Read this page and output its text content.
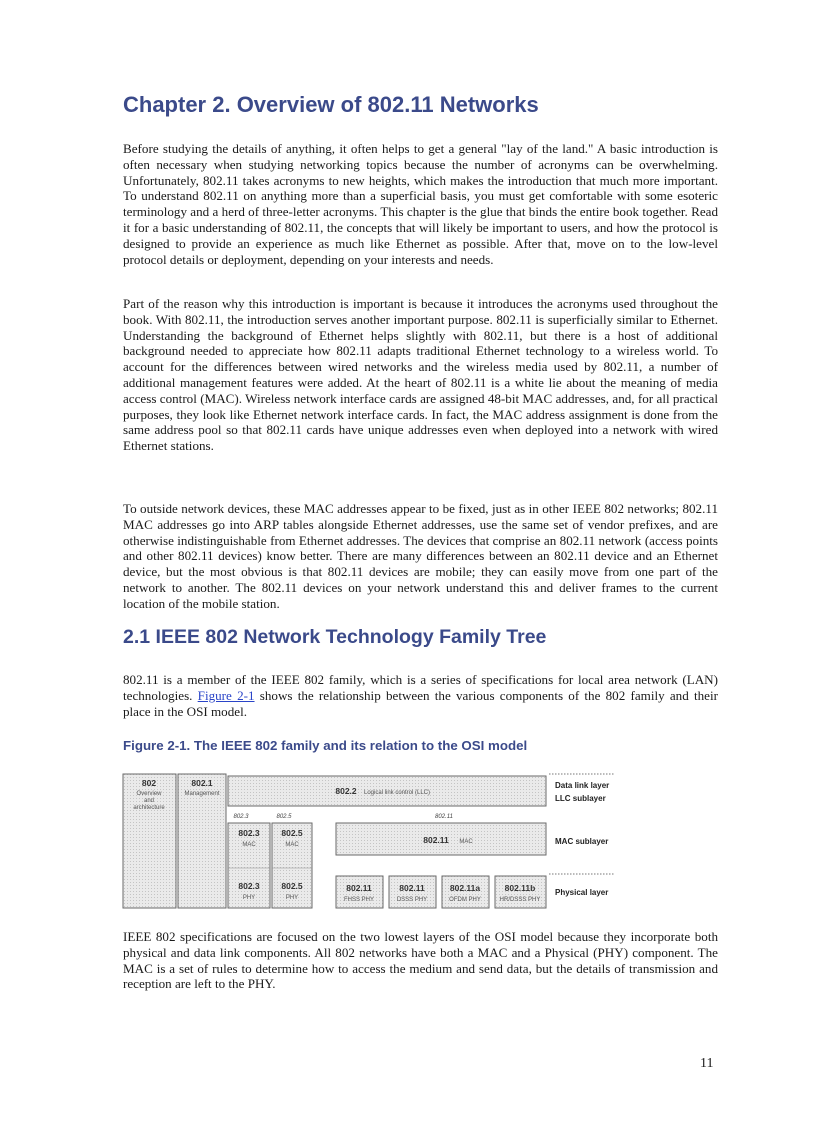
Chapter 2. Overview of 802.11 Networks

Before studying the details of anything, it often helps to get a general "lay of the land." A basic introduction is often necessary when studying networking topics because the number of acronyms can be overwhelming. Unfortunately, 802.11 takes acronyms to new heights, which makes the introduction that much more important. To understand 802.11 on anything more than a superficial basis, you must get comfortable with some esoteric terminology and a herd of three-letter acronyms. This chapter is the glue that binds the entire book together. Read it for a basic understanding of 802.11, the concepts that will likely be important to users, and how the protocol is designed to provide an experience as much like Ethernet as possible. After that, move on to the low-level protocol details or deployment, depending on your interests and needs.

Part of the reason why this introduction is important is because it introduces the acronyms used throughout the book. With 802.11, the introduction serves another important purpose. 802.11 is superficially similar to Ethernet. Understanding the background of Ethernet helps slightly with 802.11, but there is a host of additional background needed to appreciate how 802.11 adapts traditional Ethernet technology to a wireless world. To account for the differences between wired networks and the wireless media used by 802.11, a number of additional management features were added. At the heart of 802.11 is a white lie about the meaning of media access control (MAC). Wireless network interface cards are assigned 48-bit MAC addresses, and, for all practical purposes, they look like Ethernet network interface cards. In fact, the MAC address assignment is done from the same address pool so that 802.11 cards have unique addresses even when deployed into a network with wired Ethernet stations.

To outside network devices, these MAC addresses appear to be fixed, just as in other IEEE 802 networks; 802.11 MAC addresses go into ARP tables alongside Ethernet addresses, use the same set of vendor prefixes, and are otherwise indistinguishable from Ethernet addresses. The devices that comprise an 802.11 network (access points and other 802.11 devices) know better. There are many differences between an 802.11 device and an Ethernet device, but the most obvious is that 802.11 devices are mobile; they can easily move from one part of the network to another. The 802.11 devices on your network understand this and deliver frames to the current location of the mobile station.

2.1 IEEE 802 Network Technology Family Tree

802.11 is a member of the IEEE 802 family, which is a series of specifications for local area network (LAN) technologies. Figure 2-1 shows the relationship between the various components of the 802 family and their place in the OSI model.

Figure 2-1. The IEEE 802 family and its relation to the OSI model

802
Overview
and
architecture
802.1
Management	802.2 Logical link control (LLC)
802.3	802.5	802.11
802.3
MAC
802.5
MAC	802.11 MAC
802.3
PHY
802.5
PHY
802.11
FHSS PHY
802.11
DSSS PHY
802.11a
OFDM PHY
802.11b
HR/DSSS PHY
Data link layer
LLC sublayer
MAC sublayer
Physical layer

IEEE 802 specifications are focused on the two lowest layers of the OSI model because they incorporate both physical and data link components. All 802 networks have both a MAC and a Physical (PHY) component. The MAC is a set of rules to determine how to access the medium and send data, but the details of transmission and reception are left to the PHY.

11
